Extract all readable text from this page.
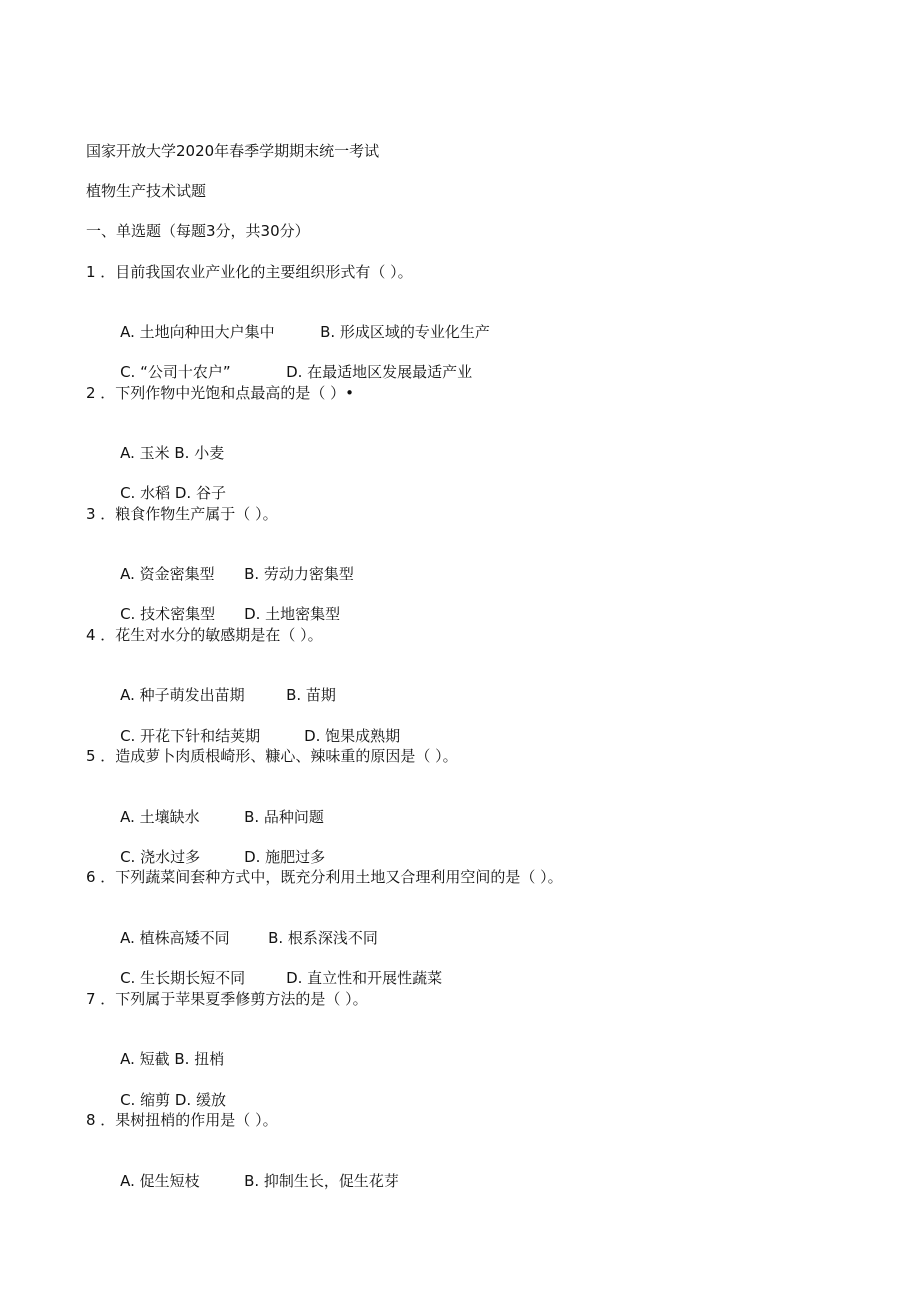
国家开放大学2020年春季学期期末统一考试
植物生产技术试题
一、单选题（每题3分，共30分）
1 ．目前我国农业产业化的主要组织形式有（ ）。

A. 土地向种田大户集中	B. 形成区域的专业化生产

C. “公司十农户”	D. 在最适地区发展最适产业

2 ．下列作物中光饱和点最高的是（ ）•

A. 玉米 B. 小麦

C. 水稻 D. 谷子

3 ．粮食作物生产属于（ ）。

A. 资金密集型 B. 劳动力密集型

C. 技术密集型 D. 土地密集型

4 ．花生对水分的敏感期是在（ ）。

A. 种子萌发出苗期	B. 苗期

C. 开花下针和结荚期	D. 饱果成熟期

5 ．造成萝卜肉质根崎形、糠心、辣味重的原因是（ ）。

A. 土壤缺水	B. 品种问题

C. 浇水过多	D. 施肥过多

6 ．下列蔬菜间套种方式中，既充分利用土地又合理利用空间的是（ ）。

A. 植株高矮不同	B. 根系深浅不同

C. 生长期长短不同	D. 直立性和开展性蔬菜

7 ．下列属于苹果夏季修剪方法的是（ ）。

A. 短截 B. 扭梢

C. 缩剪 D. 缓放

8 ．果树扭梢的作用是（ ）。

A. 促生短枝	B. 抑制生长，促生花芽
